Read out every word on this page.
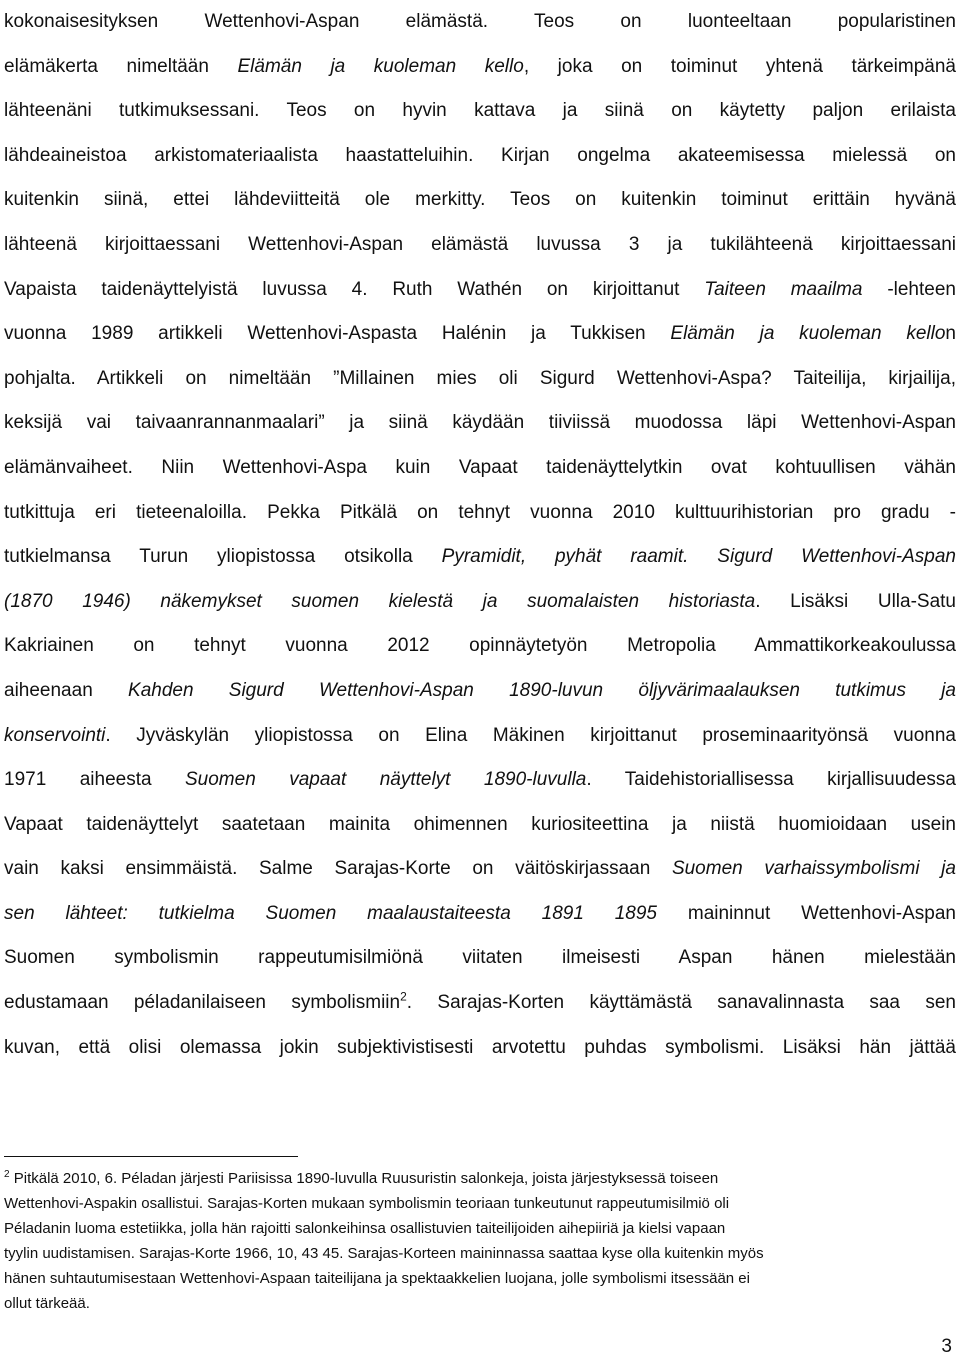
kokonaisesityksen Wettenhovi-Aspan elämästä. Teos on luonteeltaan popularistinen
elämäkerta nimeltään Elämän ja kuoleman kello, joka on toiminut yhtenä tärkeimpänä
lähteenäni tutkimuksessani. Teos on hyvin kattava ja siinä on käytetty paljon erilaista
lähdeaineistoa arkistomateriaalista haastatteluihin. Kirjan ongelma akateemisessa mielessä on
kuitenkin siinä, ettei lähdeviitteitä ole merkitty. Teos on kuitenkin toiminut erittäin hyvänä
lähteenä kirjoittaessani Wettenhovi-Aspan elämästä luvussa 3 ja tukilähteenä kirjoittaessani
Vapaista taidenäyttelyistä luvussa 4. Ruth Wathén on kirjoittanut Taiteen maailma -lehteen
vuonna 1989 artikkeli Wettenhovi-Aspasta Halénin ja Tukkisen Elämän ja kuoleman kellon
pohjalta. Artikkeli on nimeltään ”Millainen mies oli Sigurd Wettenhovi-Aspa? Taiteilija, kirjailija,
keksijä vai taivaanrannanmaalari” ja siinä käydään tiiviissä muodossa läpi Wettenhovi-Aspan
elämänvaiheet. Niin Wettenhovi-Aspa kuin Vapaat taidenäyttelytkin ovat kohtuullisen vähän
tutkittuja eri tieteenaloilla. Pekka Pitkälä on tehnyt vuonna 2010 kulttuurihistorian pro gradu -
tutkielmansa Turun yliopistossa otsikolla Pyramidit, pyhät raamit. Sigurd Wettenhovi-Aspan
(1870 1946) näkemykset suomen kielestä ja suomalaisten historiasta. Lisäksi Ulla-Satu
Kakriainen on tehnyt vuonna 2012 opinnäytetyön Metropolia Ammattikorkeakoulussa
aiheenaan Kahden Sigurd Wettenhovi-Aspan 1890-luvun öljyvärimaalauksen tutkimus ja
konservointi. Jyväskylän yliopistossa on Elina Mäkinen kirjoittanut proseminaarityönsä vuonna
1971 aiheesta Suomen vapaat näyttelyt 1890-luvulla. Taidehistoriallisessa kirjallisuudessa
Vapaat taidenäyttelyt saatetaan mainita ohimennen kuriositeettina ja niistä huomioidaan usein
vain kaksi ensimmäistä. Salme Sarajas-Korte on väitöskirjassaan Suomen varhaissymbolismi ja
sen lähteet: tutkielma Suomen maalaustaiteesta 1891 1895 maininnut Wettenhovi-Aspan
Suomen symbolismin rappeutumisilmiönä viitaten ilmeisesti Aspan hänen mielestään
edustamaan péladanilaiseen symbolismiin$^2$. Sarajas-Korten käyttämästä sanavalinnasta saa sen
kuvan, että olisi olemassa jokin subjektivistisesti arvotettu puhdas symbolismi. Lisäksi hän jättää
$^2$ Pitkälä 2010, 6. Péladan järjesti Pariisissa 1890-luvulla Ruusuristin salonkeja, joista järjestyksessä toiseen
Wettenhovi-Aspakin osallistui. Sarajas-Korten mukaan symbolismin teoriaan tunkeutunut rappeutumisilmiö oli
Péladanin luoma estetiikka, jolla hän rajoitti salonkeihinsa osallistuvien taiteilijoiden aihepiiriä ja kielsi vapaan
tyylin uudistamisen. Sarajas-Korte 1966, 10, 43 45. Sarajas-Korteen maininnassa saattaa kyse olla kuitenkin myös
hänen suhtautumisestaan Wettenhovi-Aspaan taiteilijana ja spektaakkelien luojana, jolle symbolismi itsessään ei
ollut tärkeää.
3
